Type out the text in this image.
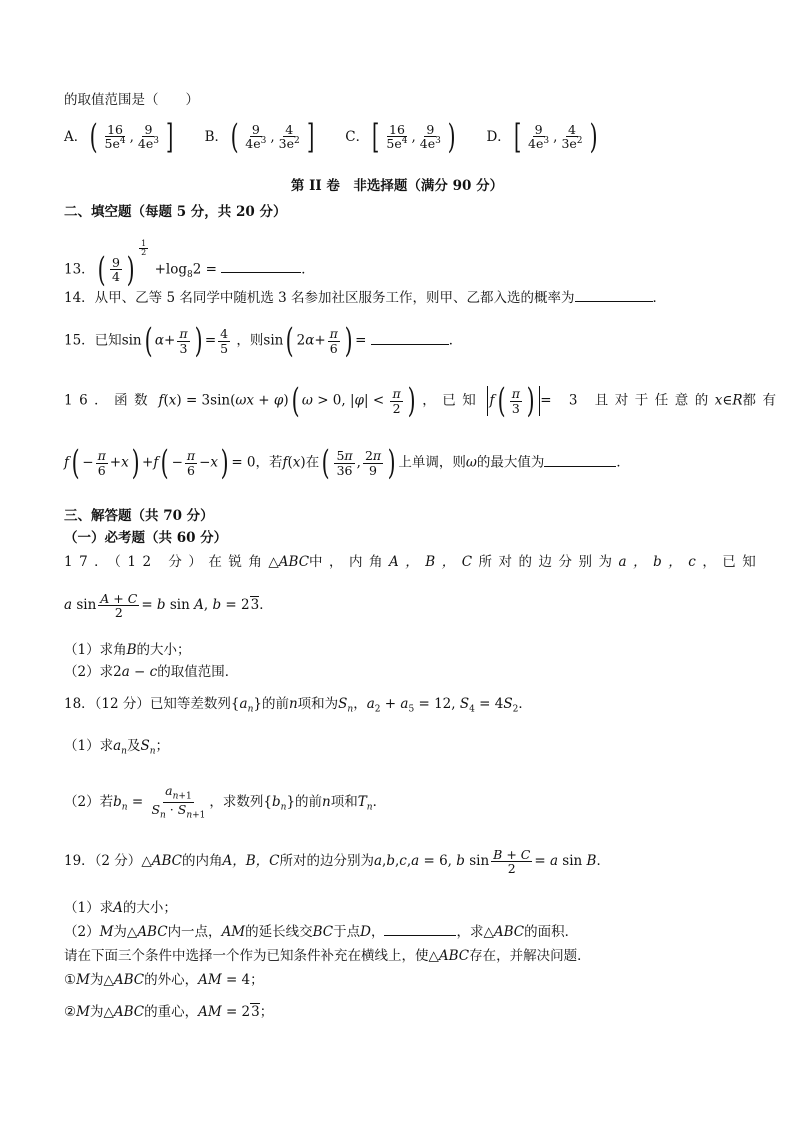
的取值范围是（　　）
A． ( $\frac{16}{5e^4}$ , $\frac{9}{4e^3}$ ]
B． ( $\frac{9}{4e^3}$ , $\frac{4}{3e^2}$ ]
C． [ $\frac{16}{5e^4}$ , $\frac{9}{4e^3}$ )
D． [ $\frac{9}{4e^3}$ , $\frac{4}{3e^2}$ )
第 II 卷　非选择题（满分 90 分）
二、填空题（每题 5 分，共 20 分）
13．( $\frac{9}{4}$ )
$^{\frac{1}{2}}$
$+\log_82$ =	．
14．从甲、乙等 5 名同学中随机选 3 名参加社区服务工作，则甲、乙都入选的概率为	．
15．已知sin( $\alpha+ \frac{\pi}{3}$ ) = $\frac{4}{5}$ ，则sin( $2\alpha+ \frac{\pi}{6}$ ) =	．
16．函数 f(x) = 3sin(ωx + φ)( ω > 0, $|\varphi| < \frac{\pi}{2}$ ) ，已知 $f( \frac{\pi}{3}$ ) = 3 且对于任意的x∈R都有
$f( - \frac{\pi}{6} +x) +f( - \frac{\pi}{6} -x) = 0$，若f(x)在( $\frac{5\pi}{36}$ , $\frac{2\pi}{9}$ ) 上单调，则ω的最大值为	．
三、解答题（共 70 分）
（一）必考题（共 60 分）
17．（12 分）在锐角△ABC中，内角A，B，C所对的边分别为a，b，c，已知
a $\sin \frac{A + C}{2} = b$ sin A, b = 23．
（1）求角B的大小；
（2）求2a − c的取值范围．
18．（12 分）已知等差数列$\{a_n\}$的前n项和为$S_n$，$a_2 + a_5 = 12$, $S_4 = 4S_2$．
（1）求$a_n$及$S_n$；
（2）若$b_n = \frac{a_{n+1}}{S_n \cdot S_{n+1}}$ ，求数列$\{b_n\}$的前n项和$T_n$．
19．（2 分）△ABC的内角A，B，C所对的边分别为a,b,c,a = 6, b $\sin \frac{B + C}{2} = a$ sin B．
（1）求A的大小；
（2）M为△ABC内一点，AM的延长线交BC于点D，	，求△ABC的面积．
请在下面三个条件中选择一个作为已知条件补充在横线上，使△ABC存在，并解决问题．
①M为△ABC的外心，AM = 4；
②M为△ABC的重心，AM = 23；
